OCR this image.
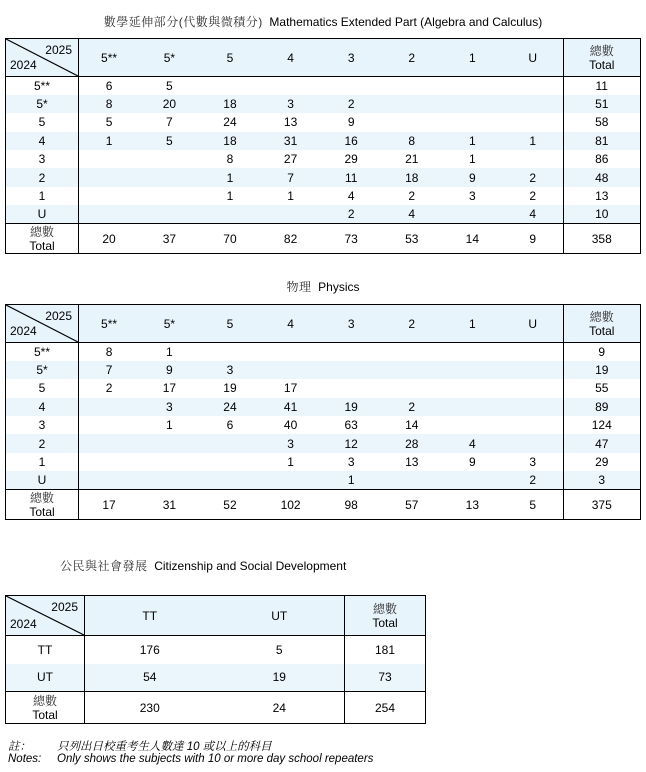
數學延伸部分(代數與微積分) Mathematics Extended Part (Algebra and Calculus)
2025
2024	5**	5*	5	4	3	2	1	U	總數
Total
5**	6	5							11
5*	8	20	18	3	2				51
5	5	7	24	13	9				58
4	1	5	18	31	16	8	1	1	81
3			8	27	29	21	1		86
2			1	7	11	18	9	2	48
1			1	1	4	2	3	2	13
U					2	4		4	10
總數
Total	20	37	70	82	73	53	14	9	358
物理 Physics
2025
2024	5**	5*	5	4	3	2	1	U	總數
Total
5**	8	1							9
5*	7	9	3						19
5	2	17	19	17					55
4		3	24	41	19	2			89
3		1	6	40	63	14			124
2				3	12	28	4		47
1				1	3	13	9	3	29
U					1			2	3
總數
Total	17	31	52	102	98	57	13	5	375
公民與社會發展 Citizenship and Social Development
2025
2024	TT	UT	總數
Total
TT	176	5	181
UT	54	19	73
總數
Total	230	24	254
註： 只列出日校重考生人數達 10 或以上的科目
Notes: Only shows the subjects with 10 or more day school repeaters
